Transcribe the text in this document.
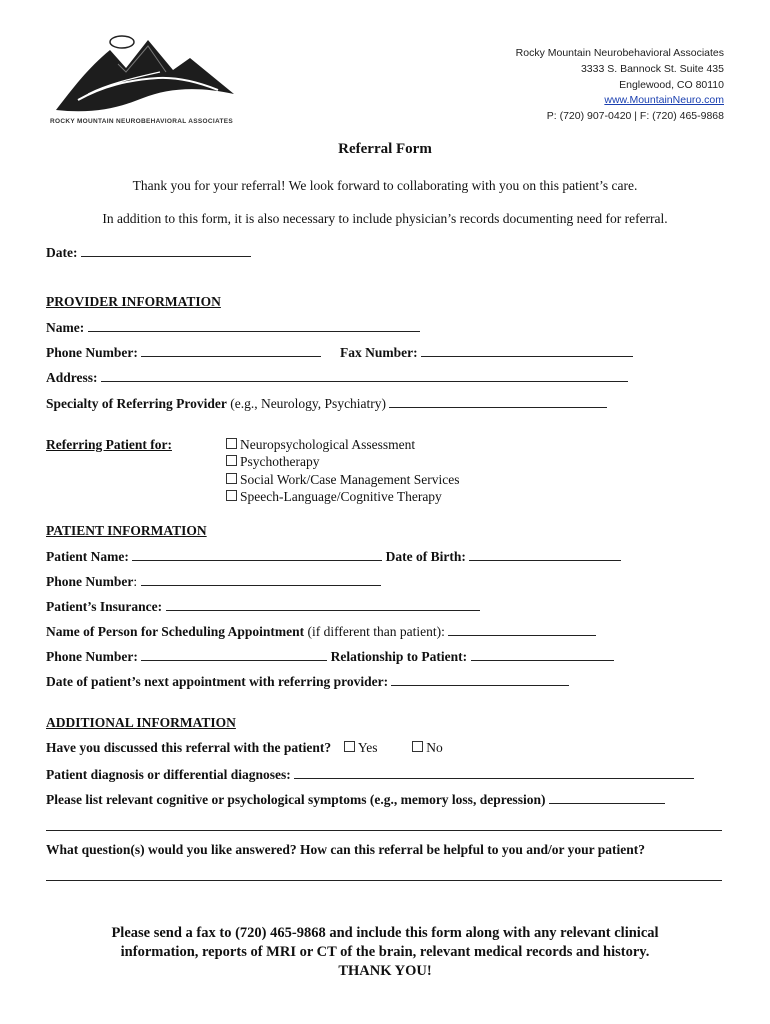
ROCKY MOUNTAIN NEUROBEHAVIORAL ASSOCIATES
Rocky Mountain Neurobehavioral Associates
3333 S. Bannock St. Suite 435
Englewood, CO 80110
www.MountainNeuro.com
P: (720) 907-0420 | F: (720) 465-9868
Referral Form
Thank you for your referral! We look forward to collaborating with you on this patient’s care.
In addition to this form, it is also necessary to include physician’s records documenting need for referral.
Date:
PROVIDER INFORMATION
Name:
Phone Number:	Fax Number:
Address:
Specialty of Referring Provider (e.g., Neurology, Psychiatry)
Referring Patient for:	Neuropsychological Assessment
Psychotherapy
Social Work/Case Management Services
Speech-Language/Cognitive Therapy
PATIENT INFORMATION
Patient Name:	Date of Birth:
Phone Number:
Patient’s Insurance:
Name of Person for Scheduling Appointment (if different than patient):
Phone Number:	Relationship to Patient:
Date of patient’s next appointment with referring provider:
ADDITIONAL INFORMATION
Have you discussed this referral with the patient? Yes	No
Patient diagnosis or differential diagnoses:
Please list relevant cognitive or psychological symptoms (e.g., memory loss, depression)
What question(s) would you like answered? How can this referral be helpful to you and/or your patient?
Please send a fax to (720) 465-9868 and include this form along with any relevant clinical
information, reports of MRI or CT of the brain, relevant medical records and history.
THANK YOU!
